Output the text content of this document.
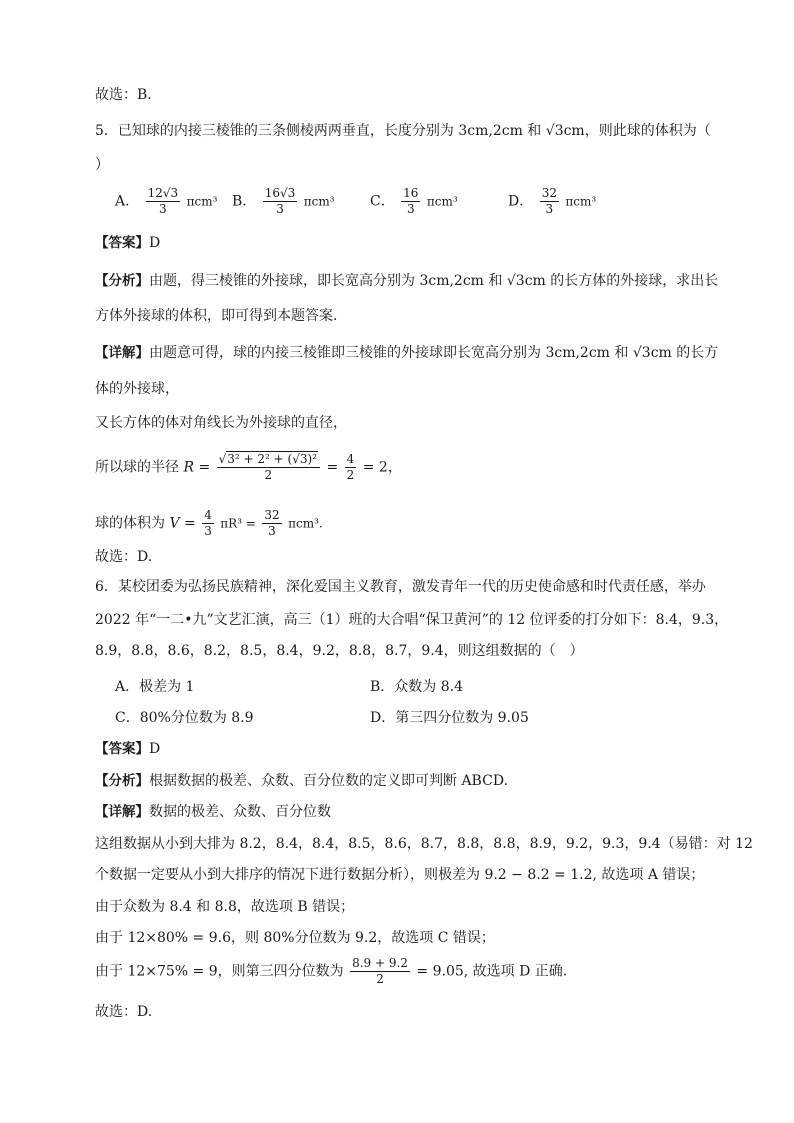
故选：B.
5．已知球的内接三棱锥的三条侧棱两两垂直，长度分别为 3cm,2cm 和 √3cm，则此球的体积为（
）
A． $\frac{12√3}{3} \pi cm^3$ B． $\frac{16√3}{3} \pi cm^3$	C． $\frac{16}{3} \pi cm^3$	D． $\frac{32}{3} \pi cm^3$
【答案】D
【分析】由题，得三棱锥的外接球，即长宽高分别为 3cm,2cm 和 √3cm 的长方体的外接球，求出长
方体外接球的体积，即可得到本题答案.
【详解】由题意可得，球的内接三棱锥即三棱锥的外接球即长宽高分别为 3cm,2cm 和 √3cm 的长方
体的外接球，
又长方体的体对角线长为外接球的直径，
所以球的半径 $R = \frac{\text{√3² + 2² + (√3)²}}{2} = \frac{4}{2} = 2$，
球的体积为 $V = \frac{4}{3} \pi R^3 = \frac{32}{3} \pi cm^3$.
故选：D.
6．某校团委为弘扬民族精神，深化爱国主义教育，激发青年一代的历史使命感和时代责任感，举办
2022 年“一二•九”文艺汇演，高三（1）班的大合唱“保卫黄河”的 12 位评委的打分如下：8.4，9.3，
8.9，8.8，8.6，8.2，8.5，8.4，9.2，8.8，8.7，9.4，则这组数据的（　）
A．极差为 1	B．众数为 8.4
C．80%分位数为 8.9	D．第三四分位数为 9.05
【答案】D
【分析】根据数据的极差、众数、百分位数的定义即可判断 ABCD.
【详解】数据的极差、众数、百分位数
这组数据从小到大排为 8.2，8.4，8.4，8.5，8.6，8.7，8.8，8.8，8.9，9.2，9.3，9.4（易错：对 12
个数据一定要从小到大排序的情况下进行数据分析），则极差为 9.2 − 8.2 = 1.2, 故选项 A 错误；
由于众数为 8.4 和 8.8，故选项 B 错误；
由于 12×80% = 9.6，则 80%分位数为 9.2，故选项 C 错误；
由于 12×75% = 9，则第三四分位数为 $\frac{8.9 + 9.2}{2} = 9.05$, 故选项 D 正确.
故选：D.
